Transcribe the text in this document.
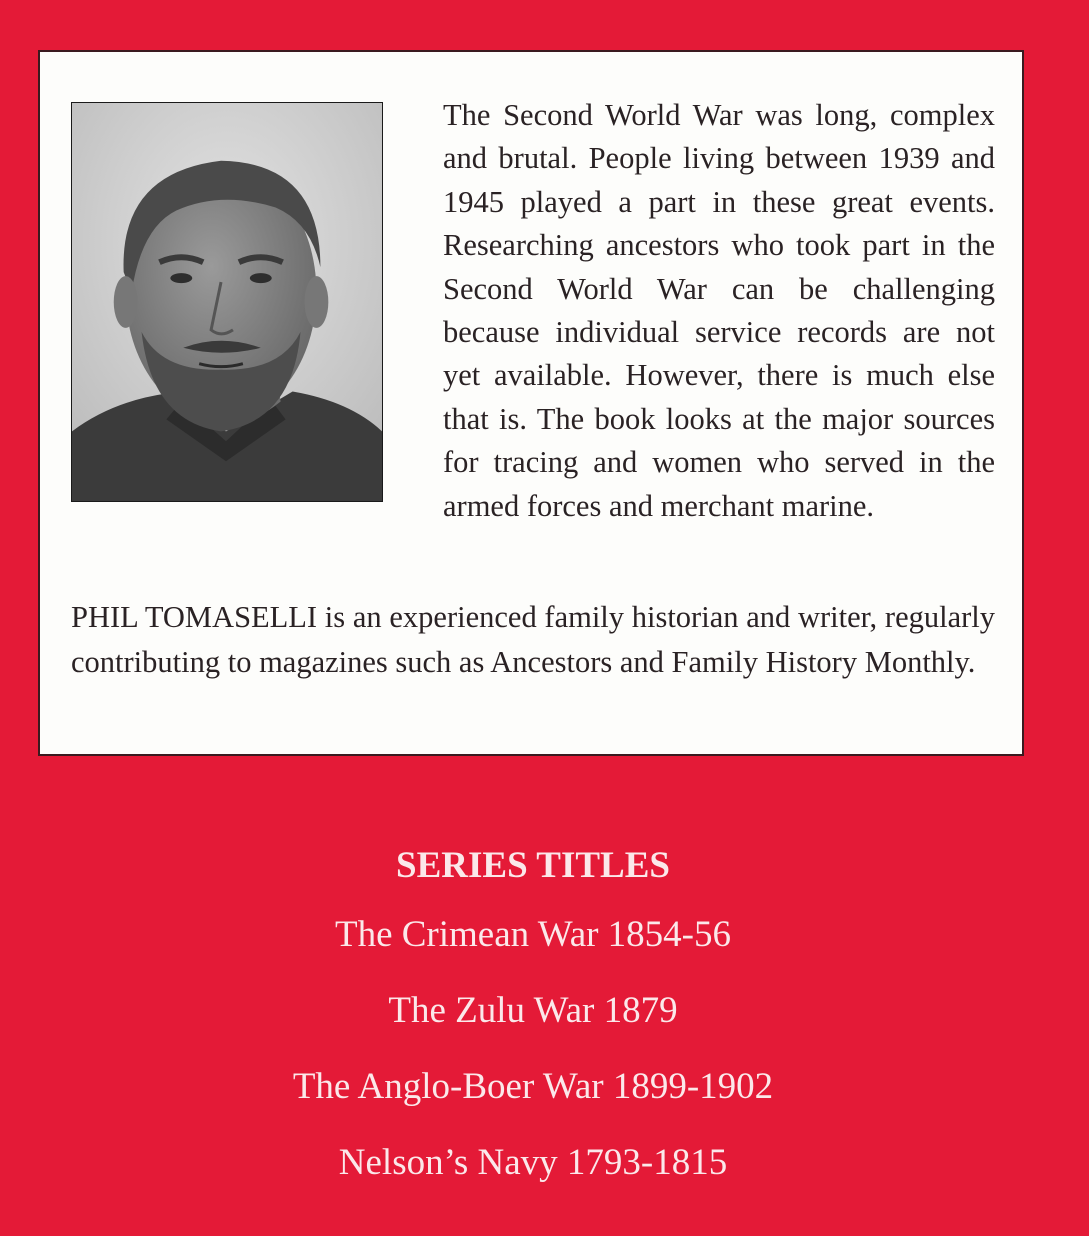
The Second World War was long, complex and brutal. People living between 1939 and 1945 played a part in these great events. Researching ancestors who took part in the Second World War can be challenging because individual service records are not yet available. However, there is much else that is. The book looks at the major sources for tracing and women who served in the armed forces and merchant marine.

PHIL TOMASELLI is an experienced family historian and writer, regularly contributing to magazines such as Ancestors and Family History Monthly.

SERIES TITLES
The Crimean War 1854-56
The Zulu War 1879
The Anglo-Boer War 1899-1902
Nelson’s Navy 1793-1815
